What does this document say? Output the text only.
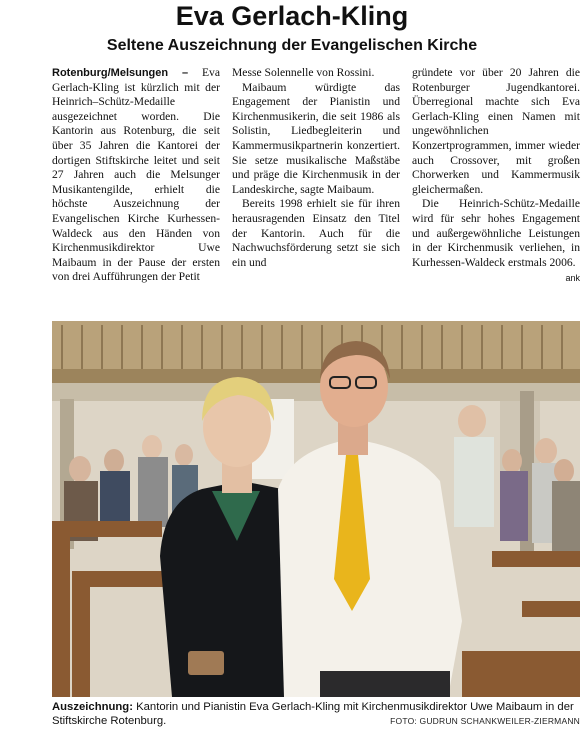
Eva Gerlach-Kling
Seltene Auszeichnung der Evangelischen Kirche

Rotenburg/Melsungen – Eva Gerlach-Kling ist kürzlich mit der Heinrich–Schütz-Medaille ausgezeichnet worden. Die Kantorin aus Rotenburg, die seit über 35 Jahren die Kantorei der dortigen Stiftskirche leitet und seit 27 Jahren auch die Melsunger Musikantengilde, erhielt die höchste Auszeichnung der Evangelischen Kirche Kurhessen-Waldeck aus den Händen von Kirchenmusikdirektor Uwe Maibaum in der Pause der ersten von drei Aufführungen der Petit

Messe Solennelle von Rossini.

Maibaum würdigte das Engagement der Pianistin und Kirchenmusikerin, die seit 1986 als Solistin, Liedbegleiterin und Kammermusikpartnerin konzertiert. Sie setze musikalische Maßstäbe und präge die Kirchenmusik in der Landeskirche, sagte Maibaum.

Bereits 1998 erhielt sie für ihren herausragenden Einsatz den Titel der Kantorin. Auch für die Nachwuchsförderung setzt sie sich ein und

gründete vor über 20 Jahren die Rotenburger Jugendkantorei. Überregional machte sich Eva Gerlach-Kling einen Namen mit ungewöhnlichen Konzertprogrammen, immer wieder auch Crossover, mit großen Chorwerken und Kammermusik gleichermaßen.

Die Heinrich-Schütz-Medaille wird für sehr hohes Engagement und außergewöhnliche Leistungen in der Kirchenmusik verliehen, in Kurhessen-Waldeck erstmals 2006.
ank

Auszeichnung: Kantorin und Pianistin Eva Gerlach-Kling mit Kirchenmusikdirektor Uwe Maibaum in der Stiftskirche Rotenburg.	FOTO: GUDRUN SCHANKWEILER-ZIERMANN
